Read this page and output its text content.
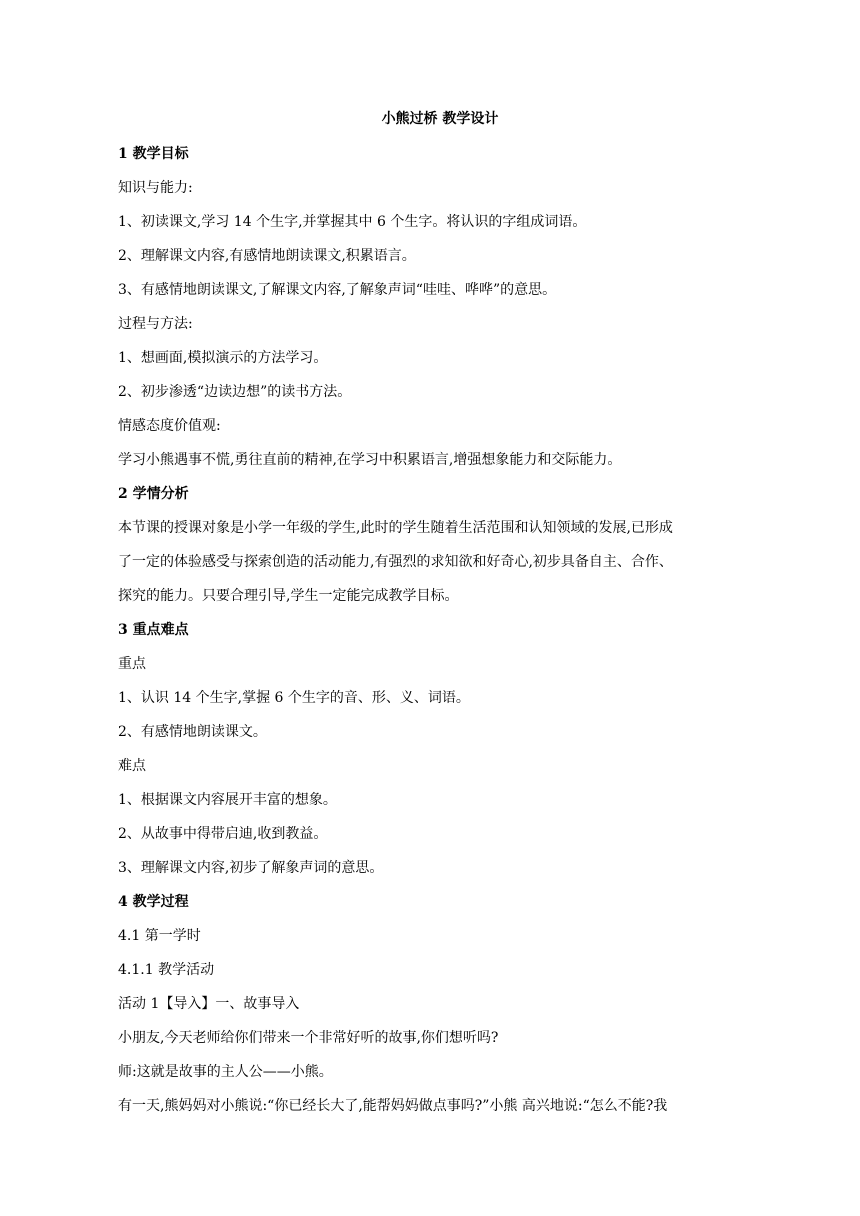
小熊过桥 教学设计
1 教学目标
知识与能力:
1、初读课文,学习 14 个生字,并掌握其中 6 个生字。将认识的字组成词语。
2、理解课文内容,有感情地朗读课文,积累语言。
3、有感情地朗读课文,了解课文内容,了解象声词“哇哇、哗哗”的意思。
过程与方法:
1、想画面,模拟演示的方法学习。
2、初步渗透“边读边想”的读书方法。
情感态度价值观:
学习小熊遇事不慌,勇往直前的精神,在学习中积累语言,增强想象能力和交际能力。
2 学情分析
本节课的授课对象是小学一年级的学生,此时的学生随着生活范围和认知领域的发展,已形成
了一定的体验感受与探索创造的活动能力,有强烈的求知欲和好奇心,初步具备自主、合作、
探究的能力。只要合理引导,学生一定能完成教学目标。
3 重点难点
重点
1、认识 14 个生字,掌握 6 个生字的音、形、义、词语。
2、有感情地朗读课文。
难点
1、根据课文内容展开丰富的想象。
2、从故事中得带启迪,收到教益。
3、理解课文内容,初步了解象声词的意思。
4 教学过程
4.1 第一学时
4.1.1 教学活动
活动 1【导入】一、故事导入
小朋友,今天老师给你们带来一个非常好听的故事,你们想听吗?
师:这就是故事的主人公——小熊。
有一天,熊妈妈对小熊说:“你已经长大了,能帮妈妈做点事吗?”小熊 高兴地说:“怎么不能?我
